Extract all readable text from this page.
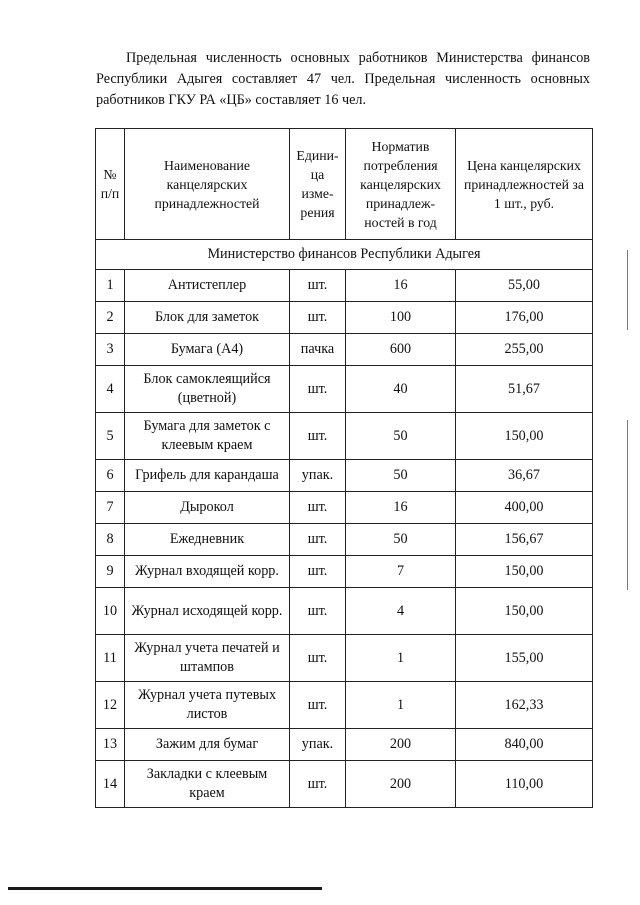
Предельная численность основных работников Министерства финансов Республики Адыгея составляет 47 чел. Предельная численность основных работников ГКУ РА «ЦБ» составляет 16 чел.
№ п/п	Наименование канцелярских принадлежностей	Едини-ца изме-рения	Норматив потребления канцелярских принадлеж-ностей в год	Цена канцелярских принадлежностей за 1 шт., руб.
Министерство финансов Республики Адыгея				
1	Антистеплер	шт.	16	55,00
2	Блок для заметок	шт.	100	176,00
3	Бумага (А4)	пачка	600	255,00
4	Блок самоклеящийся (цветной)	шт.	40	51,67
5	Бумага для заметок с клеевым краем	шт.	50	150,00
6	Грифель для карандаша	упак.	50	36,67
7	Дырокол	шт.	16	400,00
8	Ежедневник	шт.	50	156,67
9	Журнал входящей корр.	шт.	7	150,00
10	Журнал исходящей корр.	шт.	4	150,00
11	Журнал учета печатей и штампов	шт.	1	155,00
12	Журнал учета путевых листов	шт.	1	162,33
13	Зажим для бумаг	упак.	200	840,00
14	Закладки с клеевым краем	шт.	200	110,00
